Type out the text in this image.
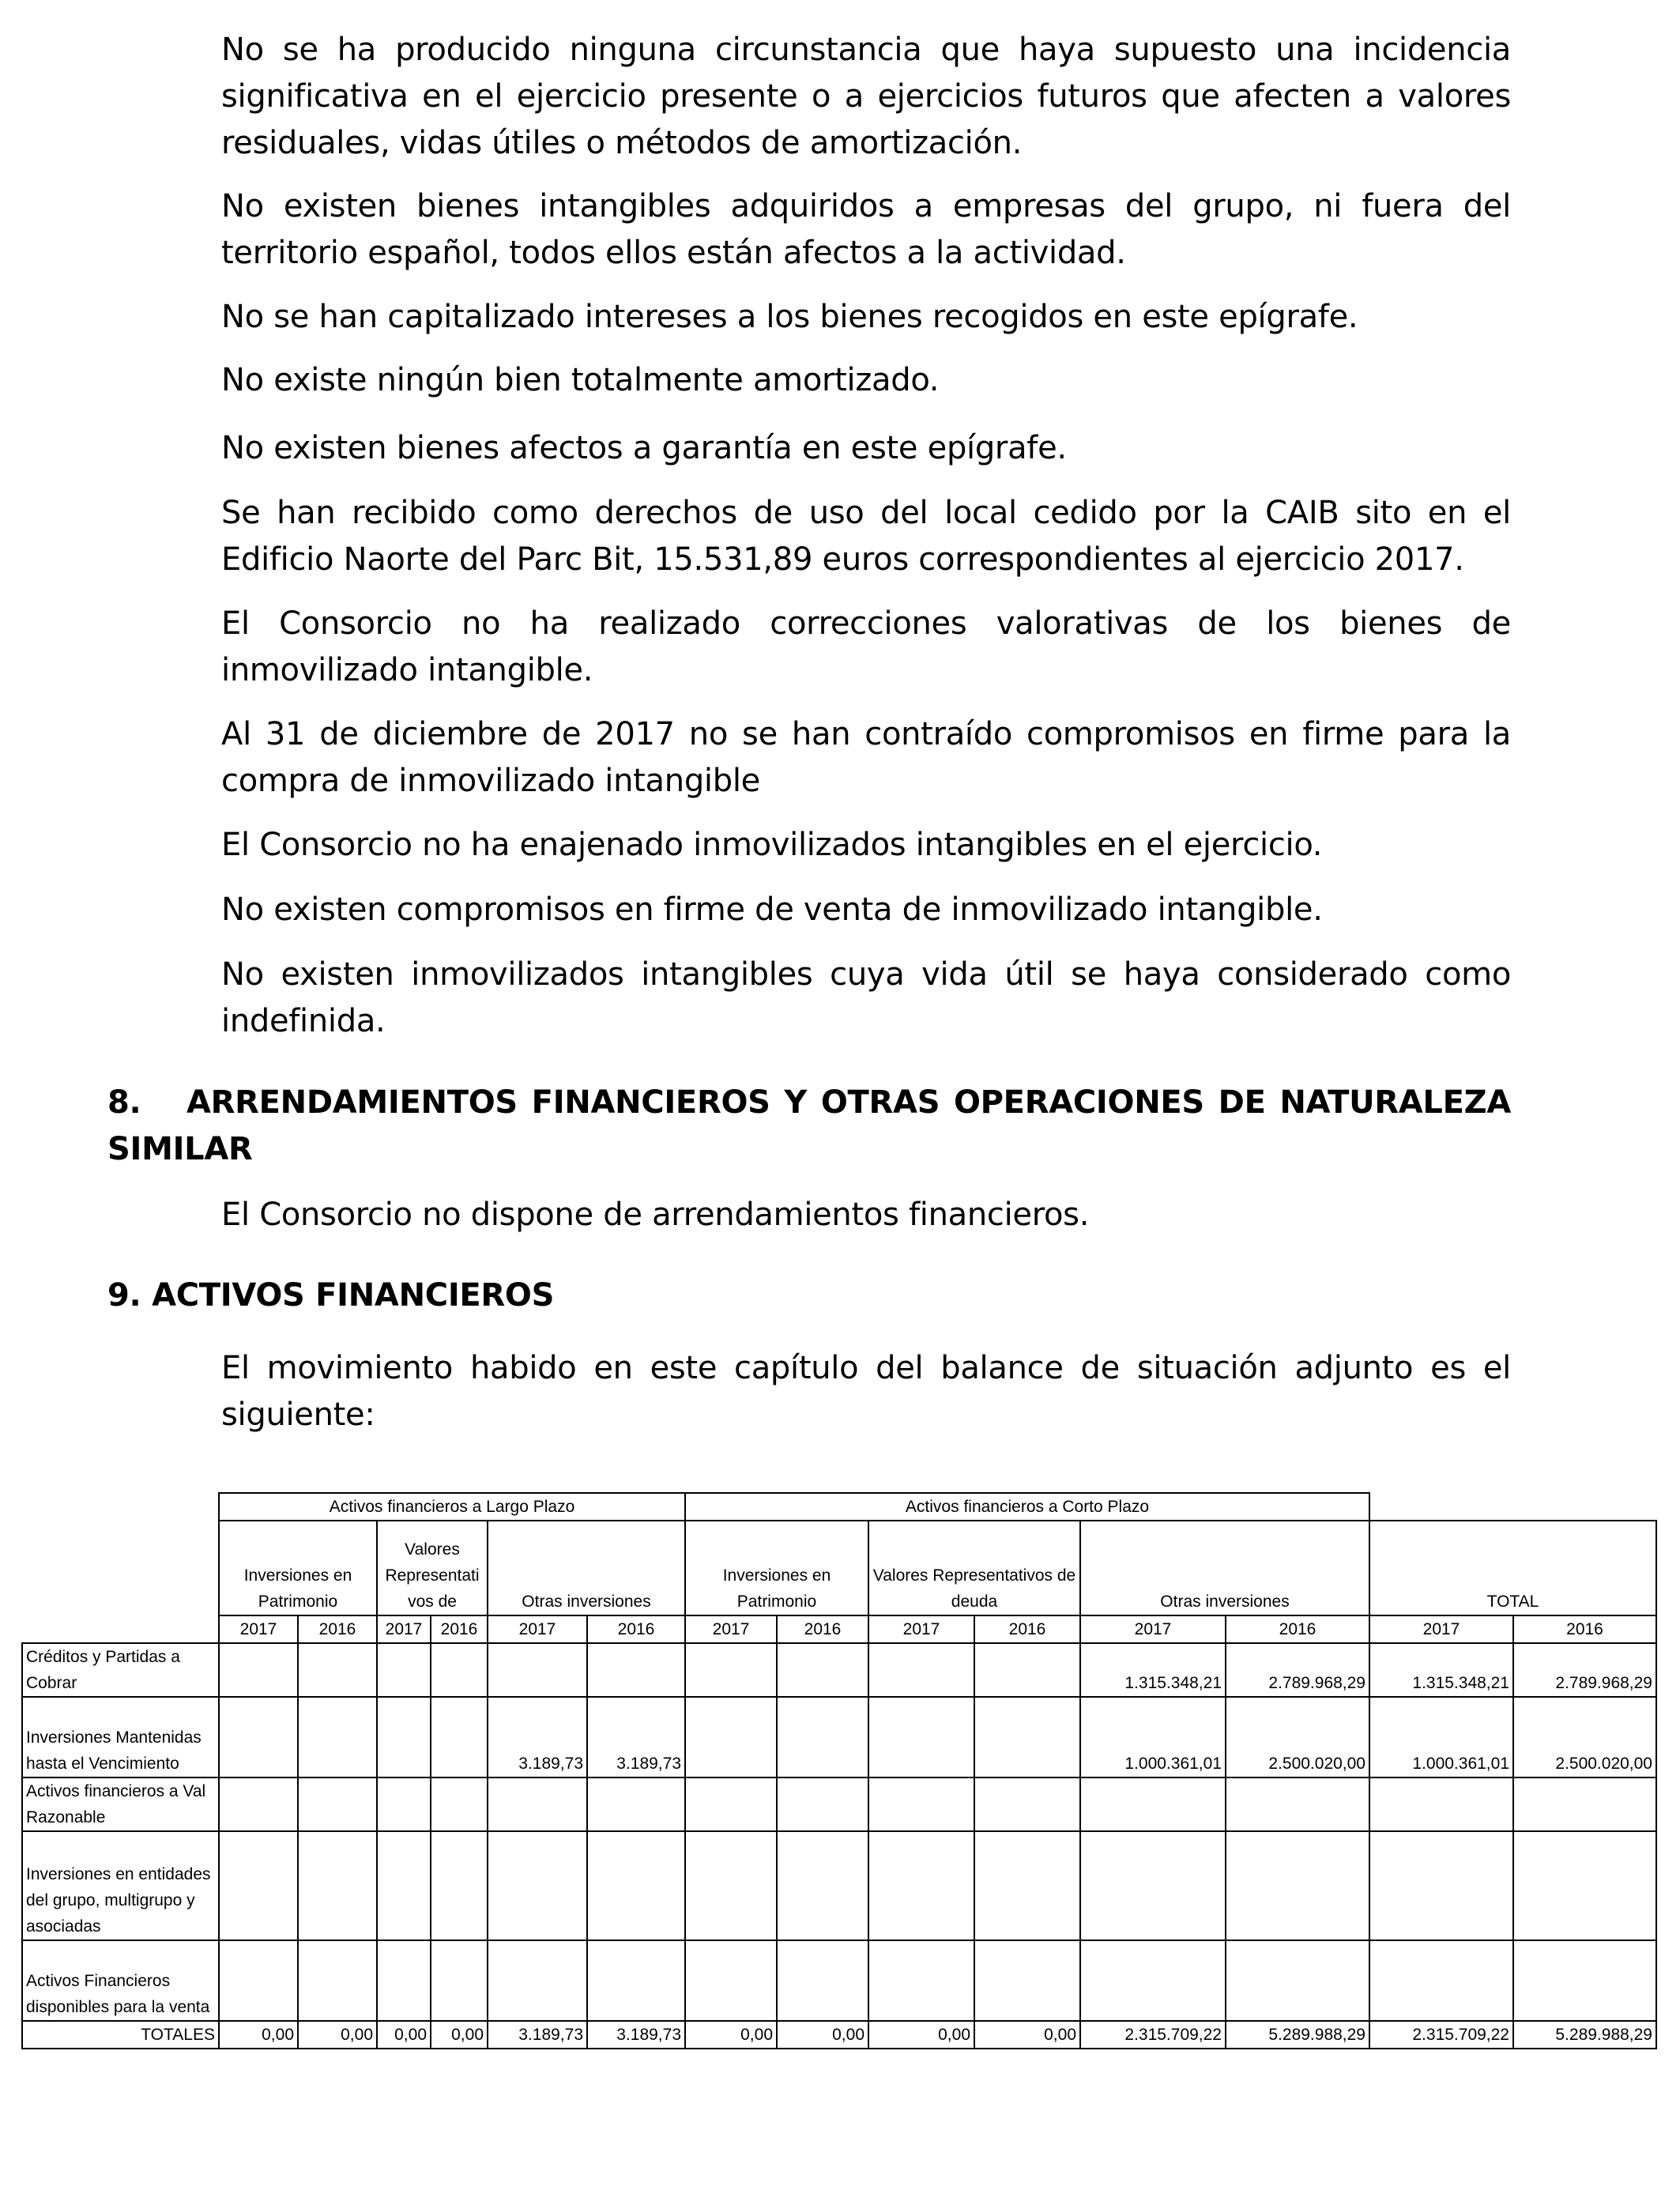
No se ha producido ninguna circunstancia que haya supuesto una incidencia significativa en el ejercicio presente o a ejercicios futuros que afecten a valores residuales, vidas útiles o métodos de amortización.

No existen bienes intangibles adquiridos a empresas del grupo, ni fuera del territorio español, todos ellos están afectos a la actividad.

No se han capitalizado intereses a los bienes recogidos en este epígrafe.

No existe ningún bien totalmente amortizado.

No existen bienes afectos a garantía en este epígrafe.

Se han recibido como derechos de uso del local cedido por la CAIB sito en el Edificio Naorte del Parc Bit, 15.531,89 euros correspondientes al ejercicio 2017.

El Consorcio no ha realizado correcciones valorativas de los bienes de inmovilizado intangible.

Al 31 de diciembre de 2017 no se han contraído compromisos en firme para la compra de inmovilizado intangible

El Consorcio no ha enajenado inmovilizados intangibles en el ejercicio.

No existen compromisos en firme de venta de inmovilizado intangible.

No existen inmovilizados intangibles cuya vida útil se haya considerado como indefinida.

8. ARRENDAMIENTOS FINANCIEROS Y OTRAS OPERACIONES DE NATURALEZA SIMILAR

El Consorcio no dispone de arrendamientos financieros.

9. ACTIVOS FINANCIEROS

El movimiento habido en este capítulo del balance de situación adjunto es el siguiente:

	Activos financieros a Largo Plazo						Activos financieros a Corto Plazo							
	Inversiones en Patrimonio		Valores Representati vos de		Otras inversiones		Inversiones en Patrimonio		Valores Representativos de deuda		Otras inversiones		TOTAL	
	2017	2016	2017	2016	2017	2016	2017	2016	2017	2016	2017	2016	2017	2016
Créditos y Partidas a Cobrar											1.315.348,21	2.789.968,29	1.315.348,21	2.789.968,29
Inversiones Mantenidas hasta el Vencimiento					3.189,73	3.189,73					1.000.361,01	2.500.020,00	1.000.361,01	2.500.020,00
Activos financieros a Val Razonable														
Inversiones en entidades del grupo, multigrupo y asociadas														
Activos Financieros disponibles para la venta														
TOTALES	0,00	0,00	0,00	0,00	3.189,73	3.189,73	0,00	0,00	0,00	0,00	2.315.709,22	5.289.988,29	2.315.709,22	5.289.988,29
